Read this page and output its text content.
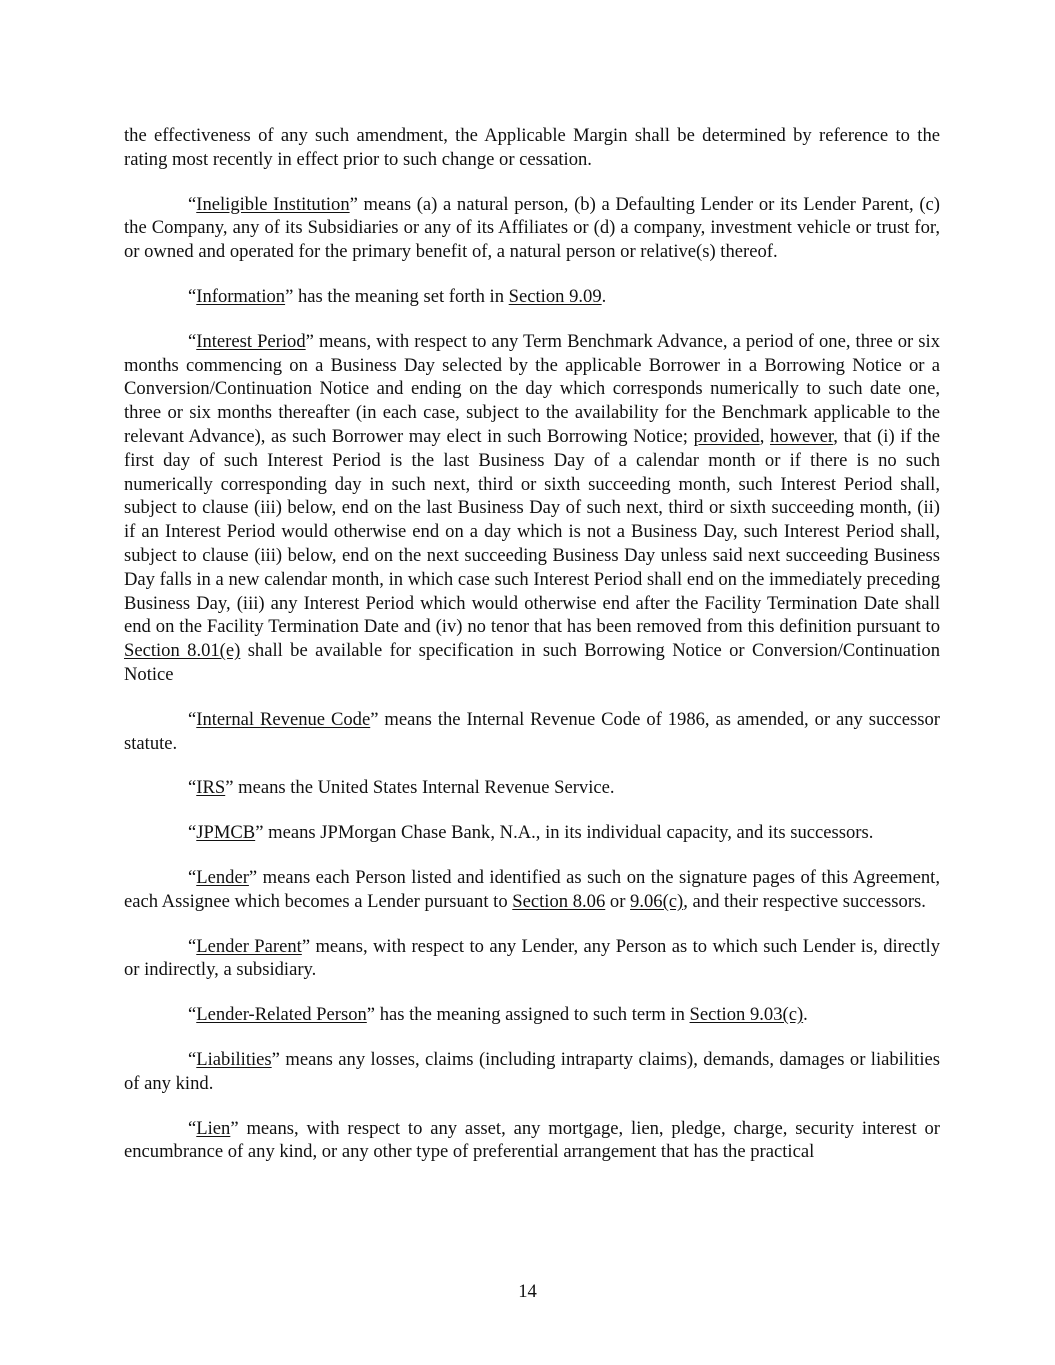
the effectiveness of any such amendment, the Applicable Margin shall be determined by reference to the rating most recently in effect prior to such change or cessation.

“Ineligible Institution” means (a) a natural person, (b) a Defaulting Lender or its Lender Parent, (c) the Company, any of its Subsidiaries or any of its Affiliates or (d) a company, investment vehicle or trust for, or owned and operated for the primary benefit of, a natural person or relative(s) thereof.

“Information” has the meaning set forth in Section 9.09.

“Interest Period” means, with respect to any Term Benchmark Advance, a period of one, three or six months commencing on a Business Day selected by the applicable Borrower in a Borrowing Notice or a Conversion/Continuation Notice and ending on the day which corresponds numerically to such date one, three or six months thereafter (in each case, subject to the availability for the Benchmark applicable to the relevant Advance), as such Borrower may elect in such Borrowing Notice; provided, however, that (i) if the first day of such Interest Period is the last Business Day of a calendar month or if there is no such numerically corresponding day in such next, third or sixth succeeding month, such Interest Period shall, subject to clause (iii) below, end on the last Business Day of such next, third or sixth succeeding month, (ii) if an Interest Period would otherwise end on a day which is not a Business Day, such Interest Period shall, subject to clause (iii) below, end on the next succeeding Business Day unless said next succeeding Business Day falls in a new calendar month, in which case such Interest Period shall end on the immediately preceding Business Day, (iii) any Interest Period which would otherwise end after the Facility Termination Date shall end on the Facility Termination Date and (iv) no tenor that has been removed from this definition pursuant to Section 8.01(e) shall be available for specification in such Borrowing Notice or Conversion/Continuation Notice

“Internal Revenue Code” means the Internal Revenue Code of 1986, as amended, or any successor statute.

“IRS” means the United States Internal Revenue Service.

“JPMCB” means JPMorgan Chase Bank, N.A., in its individual capacity, and its successors.

“Lender” means each Person listed and identified as such on the signature pages of this Agreement, each Assignee which becomes a Lender pursuant to Section 8.06 or 9.06(c), and their respective successors.

“Lender Parent” means, with respect to any Lender, any Person as to which such Lender is, directly or indirectly, a subsidiary.

“Lender-Related Person” has the meaning assigned to such term in Section 9.03(c).

“Liabilities” means any losses, claims (including intraparty claims), demands, damages or liabilities of any kind.

“Lien” means, with respect to any asset, any mortgage, lien, pledge, charge, security interest or encumbrance of any kind, or any other type of preferential arrangement that has the practical

14
